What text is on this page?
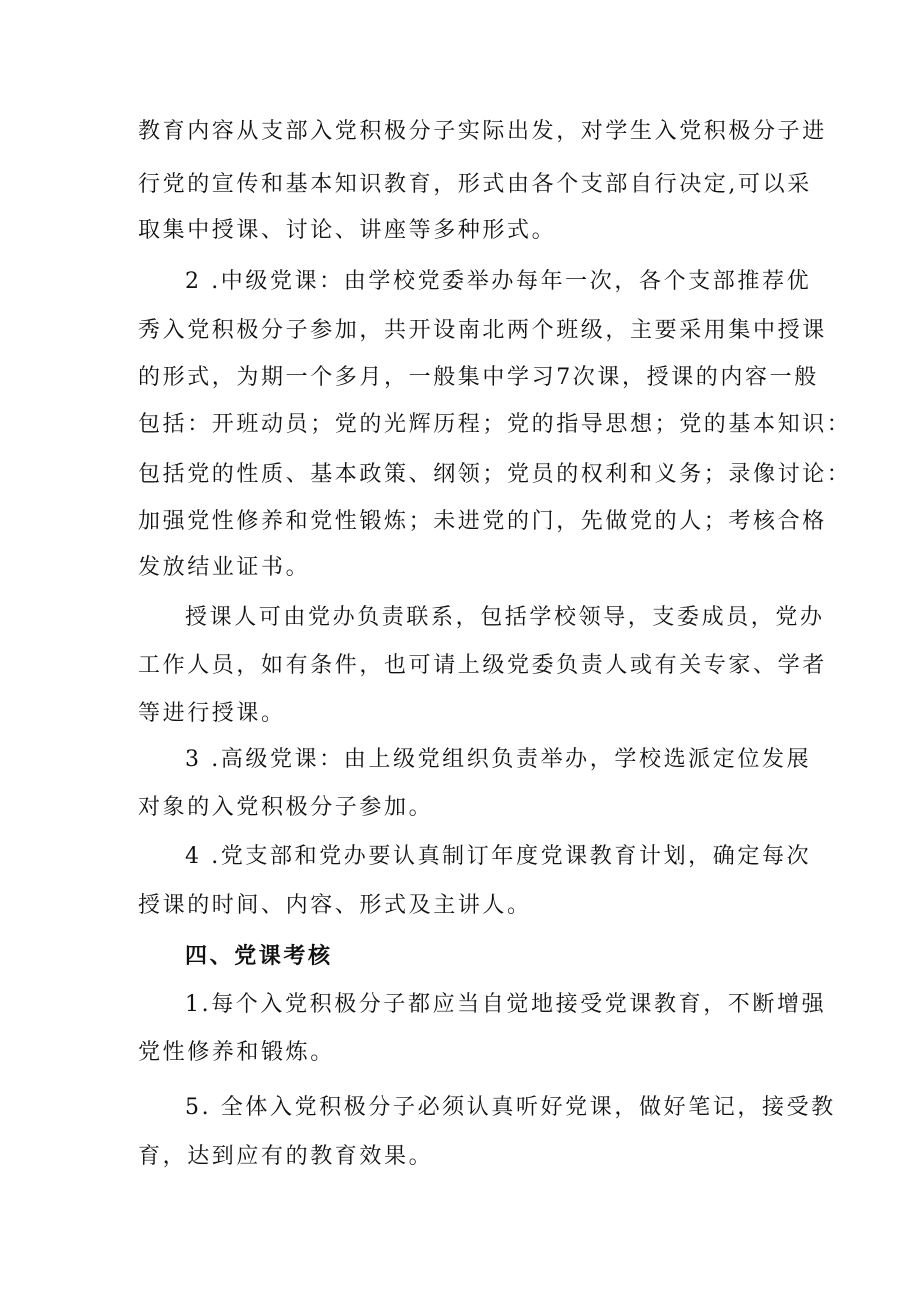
教育内容从支部入党积极分子实际出发，对学生入党积极分子进
行党的宣传和基本知识教育，形式由各个支部自行决定,可以采
取集中授课、讨论、讲座等多种形式。
2 .中级党课：由学校党委举办每年一次，各个支部推荐优
秀入党积极分子参加，共开设南北两个班级，主要采用集中授课
的形式，为期一个多月，一般集中学习7次课，授课的内容一般
包括：开班动员；党的光辉历程；党的指导思想；党的基本知识：
包括党的性质、基本政策、纲领；党员的权利和义务；录像讨论：
加强党性修养和党性锻炼；未进党的门，先做党的人；考核合格
发放结业证书。
授课人可由党办负责联系，包括学校领导，支委成员，党办
工作人员，如有条件，也可请上级党委负责人或有关专家、学者
等进行授课。
3 .高级党课：由上级党组织负责举办，学校选派定位发展
对象的入党积极分子参加。
4 .党支部和党办要认真制订年度党课教育计划，确定每次
授课的时间、内容、形式及主讲人。
四、党课考核
1.每个入党积极分子都应当自觉地接受党课教育，不断增强
党性修养和锻炼。
5. 全体入党积极分子必须认真听好党课，做好笔记，接受教
育，达到应有的教育效果。
